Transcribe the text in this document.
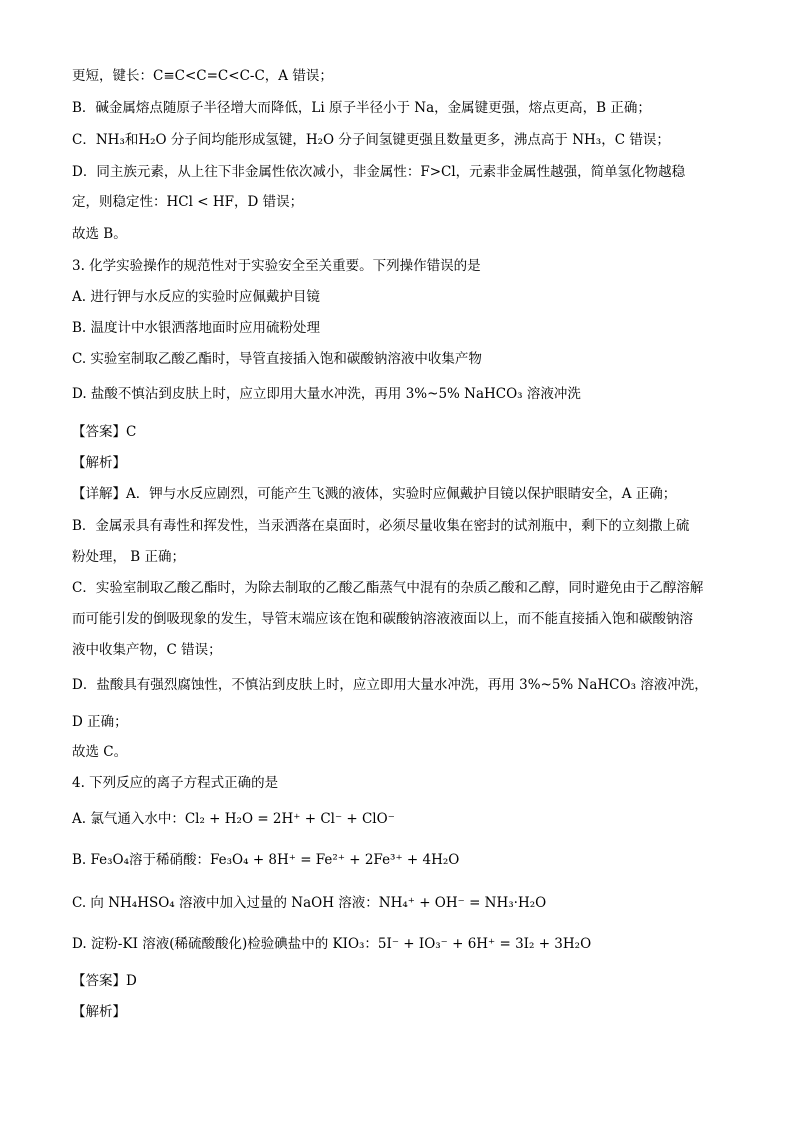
更短，键长：C≡C<C=C<C-C，A 错误；
B．碱金属熔点随原子半径增大而降低，Li 原子半径小于 Na，金属键更强，熔点更高，B 正确；
C．NH₃和H₂O 分子间均能形成氢键，H₂O 分子间氢键更强且数量更多，沸点高于 NH₃，C 错误；
D．同主族元素，从上往下非金属性依次减小，非金属性：F>Cl，元素非金属性越强，简单氢化物越稳
定，则稳定性：HCl < HF，D 错误；
故选 B。
3. 化学实验操作的规范性对于实验安全至关重要。下列操作错误的是
A. 进行钾与水反应的实验时应佩戴护目镜
B. 温度计中水银洒落地面时应用硫粉处理
C. 实验室制取乙酸乙酯时，导管直接插入饱和碳酸钠溶液中收集产物
D. 盐酸不慎沾到皮肤上时，应立即用大量水冲洗，再用 3%~5% NaHCO₃ 溶液冲洗
【答案】C
【解析】
【详解】A．钾与水反应剧烈，可能产生飞溅的液体，实验时应佩戴护目镜以保护眼睛安全，A 正确；
B．金属汞具有毒性和挥发性，当汞洒落在桌面时，必须尽量收集在密封的试剂瓶中，剩下的立刻撒上硫
粉处理， B 正确；
C．实验室制取乙酸乙酯时，为除去制取的乙酸乙酯蒸气中混有的杂质乙酸和乙醇，同时避免由于乙醇溶解
而可能引发的倒吸现象的发生，导管末端应该在饱和碳酸钠溶液液面以上，而不能直接插入饱和碳酸钠溶
液中收集产物，C 错误；
D．盐酸具有强烈腐蚀性，不慎沾到皮肤上时，应立即用大量水冲洗，再用 3%~5% NaHCO₃ 溶液冲洗，
D 正确；
故选 C。
4. 下列反应的离子方程式正确的是
A. 氯气通入水中：Cl₂ + H₂O = 2H⁺ + Cl⁻ + ClO⁻
B. Fe₃O₄溶于稀硝酸：Fe₃O₄ + 8H⁺ = Fe²⁺ + 2Fe³⁺ + 4H₂O
C. 向 NH₄HSO₄ 溶液中加入过量的 NaOH 溶液：NH₄⁺ + OH⁻ = NH₃·H₂O
D. 淀粉-KI 溶液(稀硫酸酸化)检验碘盐中的 KIO₃：5I⁻ + IO₃⁻ + 6H⁺ = 3I₂ + 3H₂O
【答案】D
【解析】
